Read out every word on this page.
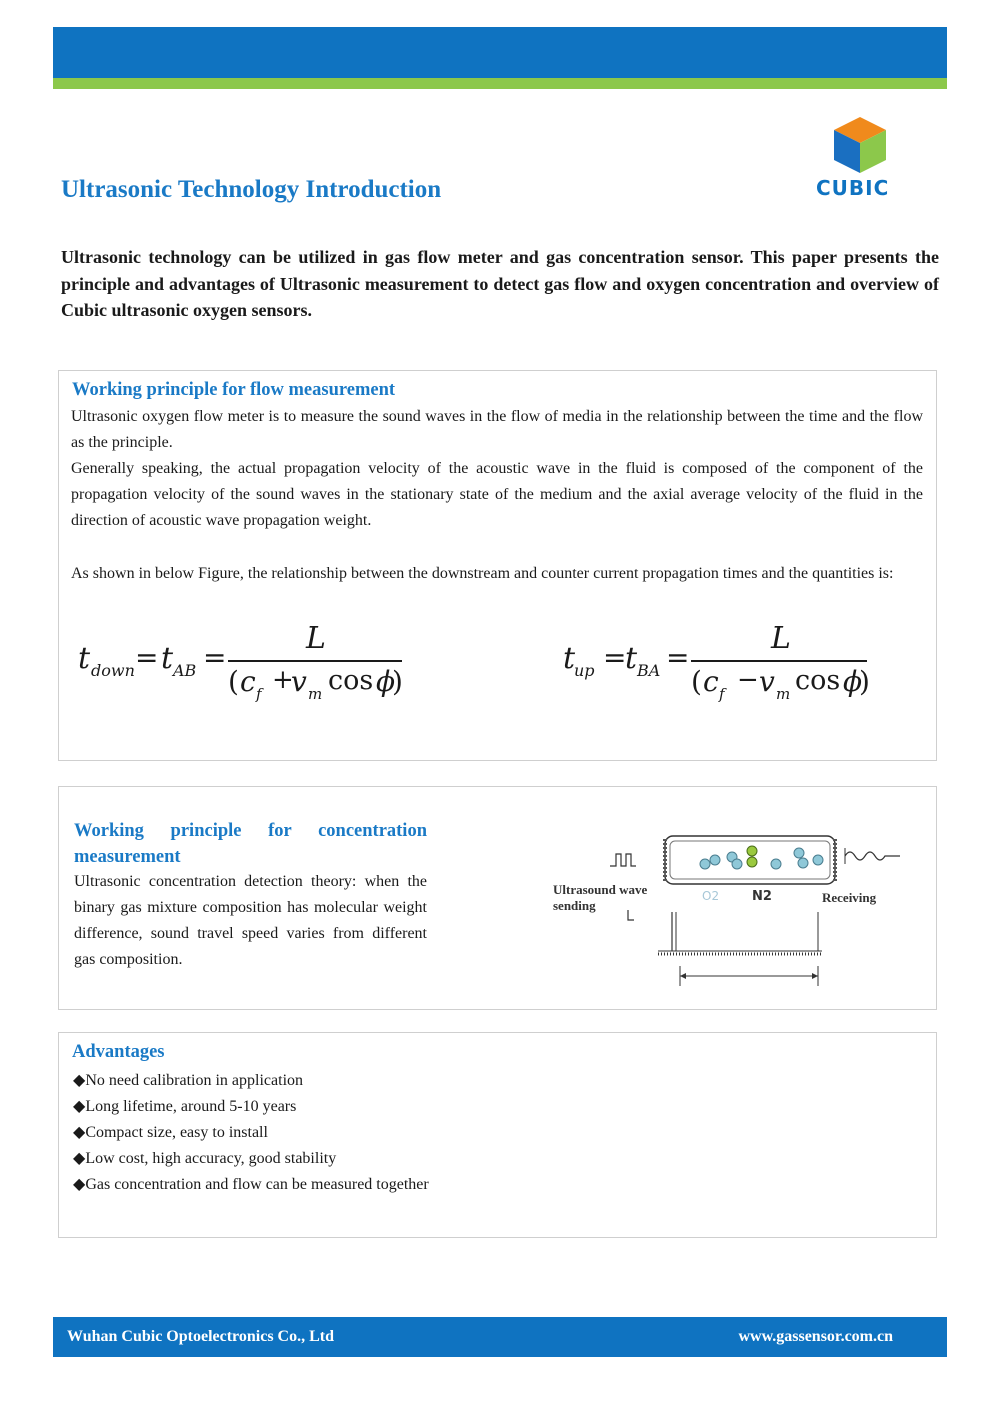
CUBIC
Ultrasonic Technology Introduction
Ultrasonic technology can be utilized in gas flow meter and gas concentration sensor. This paper presents the principle and advantages of Ultrasonic measurement to detect gas flow and oxygen concentration and overview of Cubic ultrasonic oxygen sensors.
Working principle for flow measurement
Ultrasonic oxygen flow meter is to measure the sound waves in the flow of media in the relationship between the time and the flow as the principle.
Generally speaking, the actual propagation velocity of the acoustic wave in the fluid is composed of the component of the propagation velocity of the sound waves in the stationary state of the medium and the axial average velocity of the fluid in the direction of acoustic wave propagation weight.
As shown in below Figure, the relationship between the downstream and counter current propagation times and the quantities is:
t down = t AB =
L
( c f +
v m cos ϕ
)
t
up =
t BA =
L
( c f − v m cos ϕ
)
Working principle for concentration
measurement
Ultrasonic concentration detection theory: when the binary gas mixture composition has molecular weight difference, sound travel speed varies from different gas composition.
Ultrasound wave
sending
O2	N2	Receiving
Advantages
◆ No need calibration in application
◆ Long lifetime, around 5-10 years
◆ Compact size, easy to install
◆ Low cost, high accuracy, good stability
◆ Gas concentration and flow can be measured together
Wuhan Cubic Optoelectronics Co., Ltd	www.gassensor.com.cn
